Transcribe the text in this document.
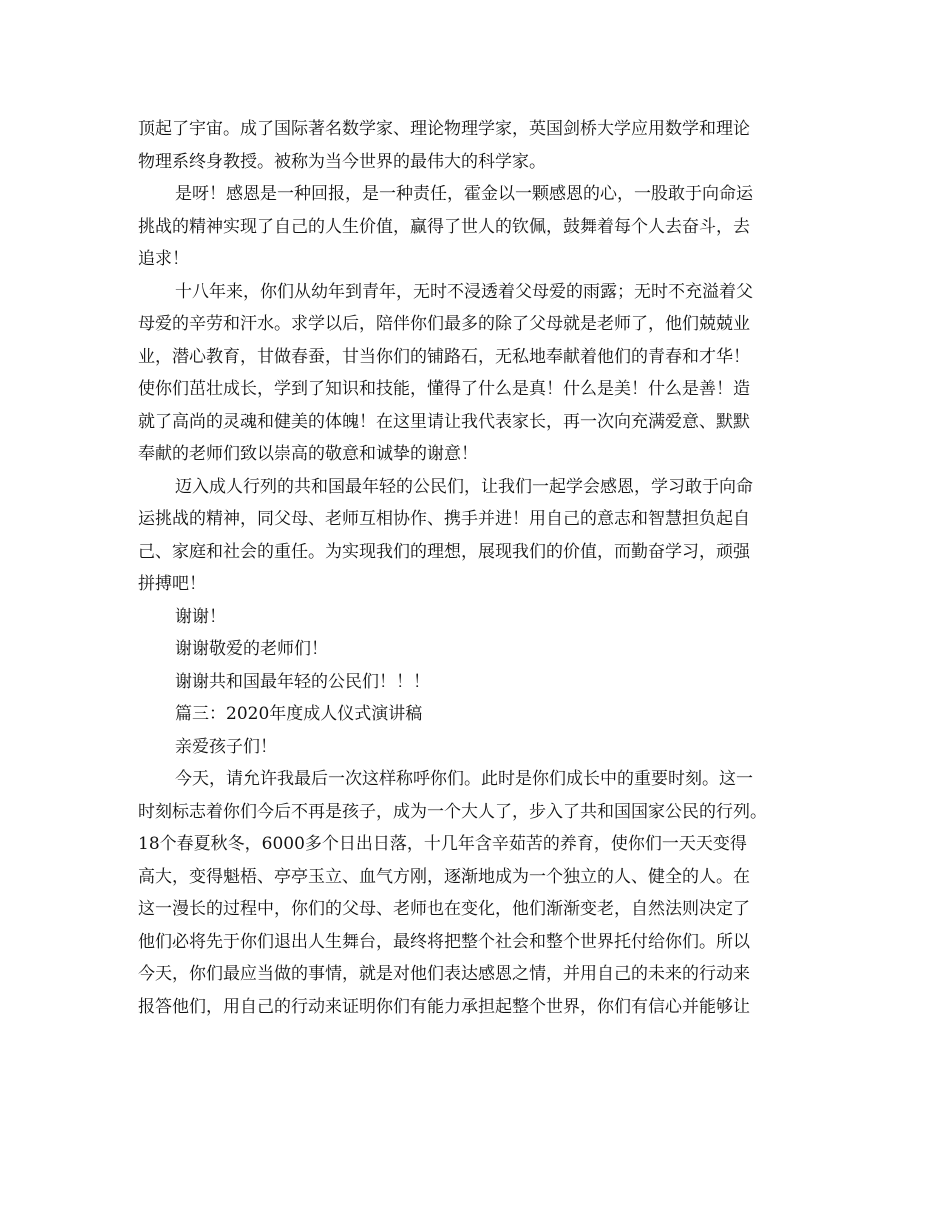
顶起了宇宙。成了国际著名数学家、理论物理学家，英国剑桥大学应用数学和理论
物理系终身教授。被称为当今世界的最伟大的科学家。
是呀！感恩是一种回报，是一种责任，霍金以一颗感恩的心，一股敢于向命运
挑战的精神实现了自己的人生价值，赢得了世人的钦佩，鼓舞着每个人去奋斗，去
追求！
十八年来，你们从幼年到青年，无时不浸透着父母爱的雨露；无时不充溢着父
母爱的辛劳和汗水。求学以后，陪伴你们最多的除了父母就是老师了，他们兢兢业
业，潜心教育，甘做春蚕，甘当你们的铺路石，无私地奉献着他们的青春和才华！
使你们茁壮成长，学到了知识和技能，懂得了什么是真！什么是美！什么是善！造
就了高尚的灵魂和健美的体魄！在这里请让我代表家长，再一次向充满爱意、默默
奉献的老师们致以崇高的敬意和诚挚的谢意！
迈入成人行列的共和国最年轻的公民们，让我们一起学会感恩，学习敢于向命
运挑战的精神，同父母、老师互相协作、携手并进！用自己的意志和智慧担负起自
己、家庭和社会的重任。为实现我们的理想，展现我们的价值，而勤奋学习，顽强
拼搏吧！
谢谢！
谢谢敬爱的老师们！
谢谢共和国最年轻的公民们！！！
篇三：2020年度成人仪式演讲稿
亲爱孩子们！
今天，请允许我最后一次这样称呼你们。此时是你们成长中的重要时刻。这一
时刻标志着你们今后不再是孩子，成为一个大人了，步入了共和国国家公民的行列。
18个春夏秋冬，6000多个日出日落，十几年含辛茹苦的养育，使你们一天天变得
高大，变得魁梧、亭亭玉立、血气方刚，逐渐地成为一个独立的人、健全的人。在
这一漫长的过程中，你们的父母、老师也在变化，他们渐渐变老，自然法则决定了
他们必将先于你们退出人生舞台，最终将把整个社会和整个世界托付给你们。所以
今天，你们最应当做的事情，就是对他们表达感恩之情，并用自己的未来的行动来
报答他们，用自己的行动来证明你们有能力承担起整个世界，你们有信心并能够让
